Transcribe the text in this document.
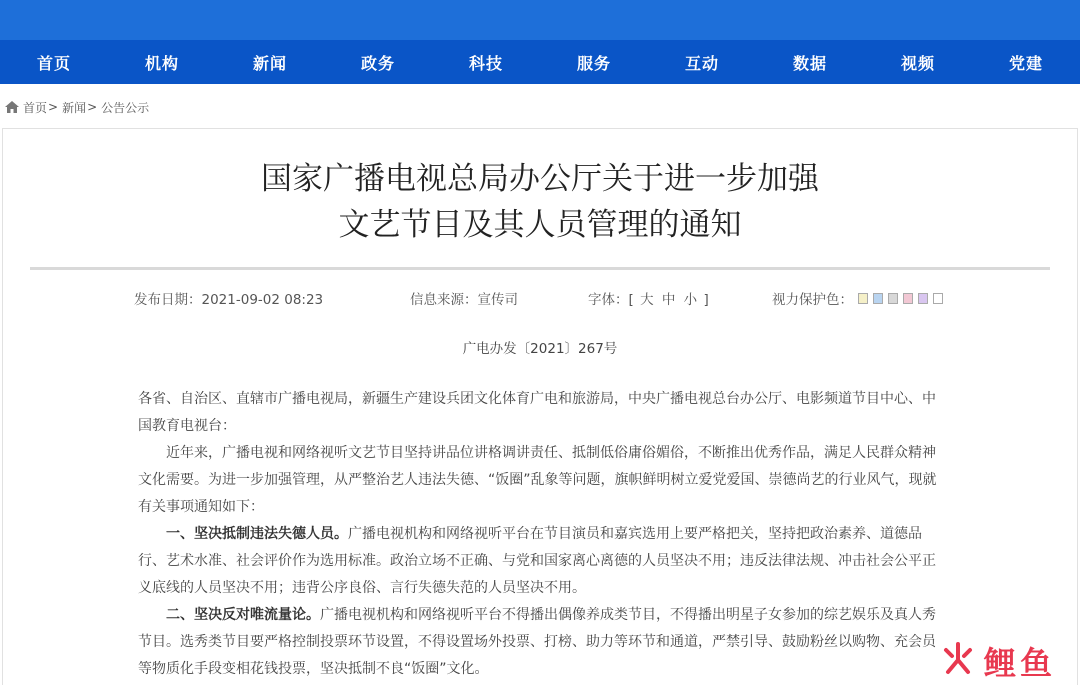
首页	机构	新闻	政务	科技	服务	互动	数据	视频	党建
首页 > 新闻 > 公告公示
国家广播电视总局办公厅关于进一步加强
文艺节目及其人员管理的通知
发布日期：2021-09-02 08:23	信息来源：宣传司	字体：[ 大 中 小 ]	视力保护色：
广电办发〔2021〕267号

各省、自治区、直辖市广播电视局，新疆生产建设兵团文化体育广电和旅游局，中央广播电视总台办公厅、电影频道节目中心、中国教育电视台：

近年来，广播电视和网络视听文艺节目坚持讲品位讲格调讲责任、抵制低俗庸俗媚俗，不断推出优秀作品，满足人民群众精神文化需要。为进一步加强管理，从严整治艺人违法失德、“饭圈”乱象等问题，旗帜鲜明树立爱党爱国、崇德尚艺的行业风气，现就有关事项通知如下：

一、坚决抵制违法失德人员。广播电视机构和网络视听平台在节目演员和嘉宾选用上要严格把关，坚持把政治素养、道德品行、艺术水准、社会评价作为选用标准。政治立场不正确、与党和国家离心离德的人员坚决不用；违反法律法规、冲击社会公平正义底线的人员坚决不用；违背公序良俗、言行失德失范的人员坚决不用。

二、坚决反对唯流量论。广播电视机构和网络视听平台不得播出偶像养成类节目，不得播出明星子女参加的综艺娱乐及真人秀节目。选秀类节目要严格控制投票环节设置，不得设置场外投票、打榜、助力等环节和通道，严禁引导、鼓励粉丝以购物、充会员等物质化手段变相花钱投票，坚决抵制不良“饭圈”文化。	鲤鱼
